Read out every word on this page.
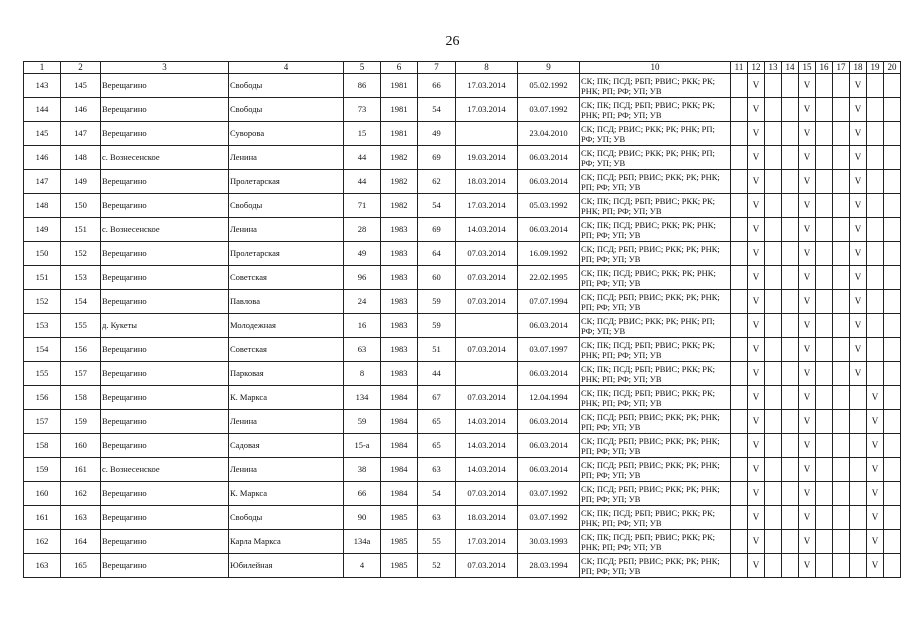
26
1	2	3	4	5	6	7	8	9	10	11	12	13	14	15	16	17	18	19	20
143	145	Верещагино	Свободы	86	1981	66	17.03.2014	05.02.1992	СК; ПК; ПСД; РБП; РВИС; РКК; РК; РНК; РП; РФ; УП; УВ		V			V			V		
144	146	Верещагино	Свободы	73	1981	54	17.03.2014	03.07.1992	СК; ПК; ПСД; РБП; РВИС; РКК; РК; РНК; РП; РФ; УП; УВ		V			V			V		
145	147	Верещагино	Суворова	15	1981	49		23.04.2010	СК; ПСД; РВИС; РКК; РК; РНК; РП; РФ; УП; УВ		V			V			V		
146	148	с. Вознесенское	Ленина	44	1982	69	19.03.2014	06.03.2014	СК; ПСД; РВИС; РКК; РК; РНК; РП; РФ; УП; УВ		V			V			V		
147	149	Верещагино	Пролетарская	44	1982	62	18.03.2014	06.03.2014	СК; ПСД; РБП; РВИС; РКК; РК; РНК; РП; РФ; УП; УВ		V			V			V		
148	150	Верещагино	Свободы	71	1982	54	17.03.2014	05.03.1992	СК; ПК; ПСД; РБП; РВИС; РКК; РК; РНК; РП; РФ; УП; УВ		V			V			V		
149	151	с. Вознесенское	Ленина	28	1983	69	14.03.2014	06.03.2014	СК; ПК; ПСД; РВИС; РКК; РК; РНК; РП; РФ; УП; УВ		V			V			V		
150	152	Верещагино	Пролетарская	49	1983	64	07.03.2014	16.09.1992	СК; ПСД; РБП; РВИС; РКК; РК; РНК; РП; РФ; УП; УВ		V			V			V		
151	153	Верещагино	Советская	96	1983	60	07.03.2014	22.02.1995	СК; ПК; ПСД; РВИС; РКК; РК; РНК; РП; РФ; УП; УВ		V			V			V		
152	154	Верещагино	Павлова	24	1983	59	07.03.2014	07.07.1994	СК; ПСД; РБП; РВИС; РКК; РК; РНК; РП; РФ; УП; УВ		V			V			V		
153	155	д. Кукеты	Молодежная	16	1983	59		06.03.2014	СК; ПСД; РВИС; РКК; РК; РНК; РП; РФ; УП; УВ		V			V			V		
154	156	Верещагино	Советская	63	1983	51	07.03.2014	03.07.1997	СК; ПК; ПСД; РБП; РВИС; РКК; РК; РНК; РП; РФ; УП; УВ		V			V			V		
155	157	Верещагино	Парковая	8	1983	44		06.03.2014	СК; ПК; ПСД; РБП; РВИС; РКК; РК; РНК; РП; РФ; УП; УВ		V			V			V		
156	158	Верещагино	К. Маркса	134	1984	67	07.03.2014	12.04.1994	СК; ПК; ПСД; РБП; РВИС; РКК; РК; РНК; РП; РФ; УП; УВ		V			V				V	
157	159	Верещагино	Ленина	59	1984	65	14.03.2014	06.03.2014	СК; ПСД; РБП; РВИС; РКК; РК; РНК; РП; РФ; УП; УВ		V			V				V	
158	160	Верещагино	Садовая	15-а	1984	65	14.03.2014	06.03.2014	СК; ПСД; РБП; РВИС; РКК; РК; РНК; РП; РФ; УП; УВ		V			V				V	
159	161	с. Вознесенское	Ленина	38	1984	63	14.03.2014	06.03.2014	СК; ПСД; РБП; РВИС; РКК; РК; РНК; РП; РФ; УП; УВ		V			V				V	
160	162	Верещагино	К. Маркса	66	1984	54	07.03.2014	03.07.1992	СК; ПСД; РБП; РВИС; РКК; РК; РНК; РП; РФ; УП; УВ		V			V				V	
161	163	Верещагино	Свободы	90	1985	63	18.03.2014	03.07.1992	СК; ПК; ПСД; РБП; РВИС; РКК; РК; РНК; РП; РФ; УП; УВ		V			V				V	
162	164	Верещагино	Карла Маркса	134а	1985	55	17.03.2014	30.03.1993	СК; ПК; ПСД; РБП; РВИС; РКК; РК; РНК; РП; РФ; УП; УВ		V			V				V	
163	165	Верещагино	Юбилейная	4	1985	52	07.03.2014	28.03.1994	СК; ПСД; РБП; РВИС; РКК; РК; РНК; РП; РФ; УП; УВ		V			V				V	
